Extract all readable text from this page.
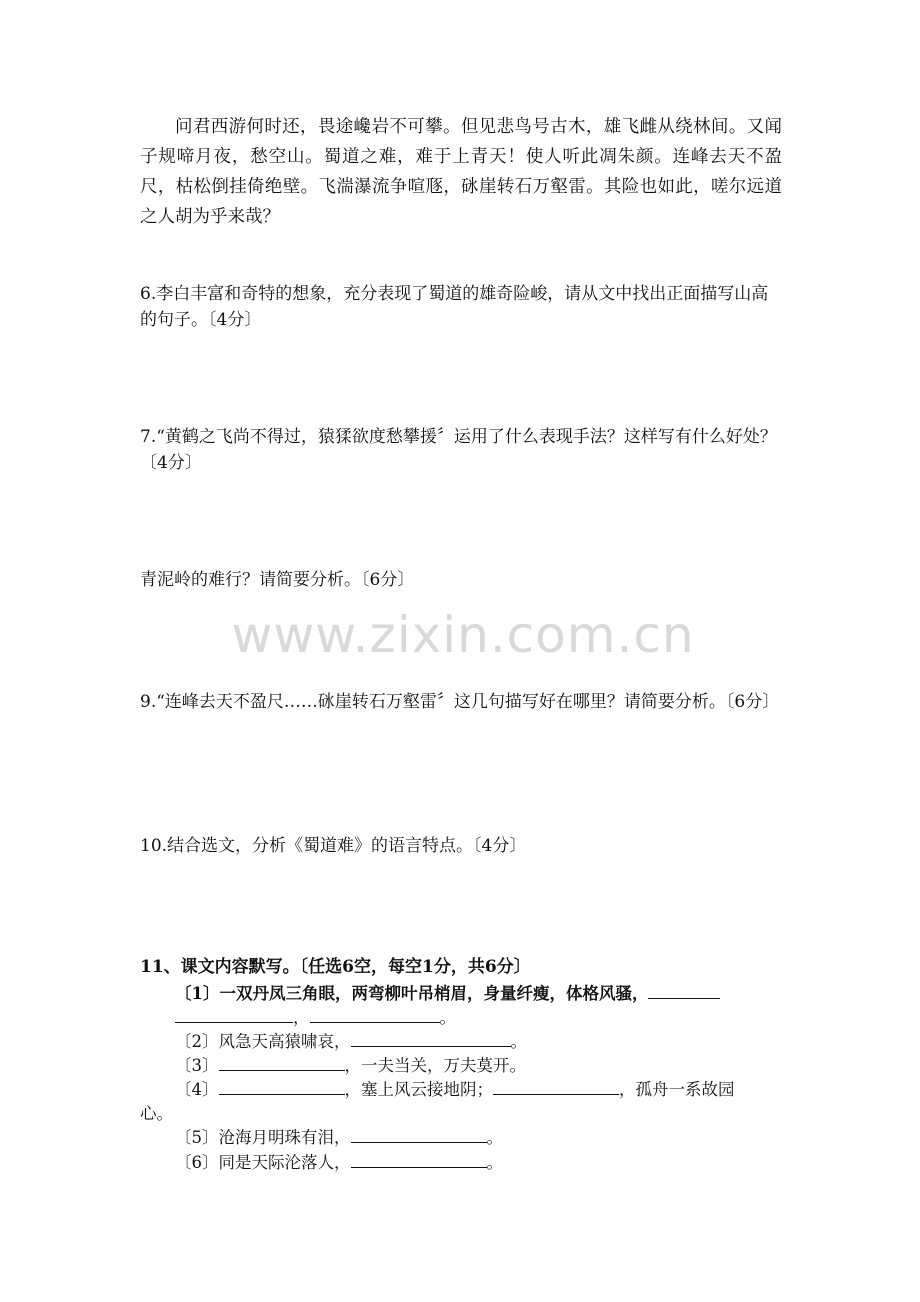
问君西游何时还，畏途巉岩不可攀。但见悲鸟号古木，雄飞雌从绕林间。又闻子规啼月夜，愁空山。蜀道之难，难于上青天！使人听此凋朱颜。连峰去天不盈尺，枯松倒挂倚绝壁。飞湍瀑流争喧豗，砯崖转石万壑雷。其险也如此，嗟尔远道之人胡为乎来哉？

6.李白丰富和奇特的想象，充分表现了蜀道的雄奇险峻，请从文中找出正面描写山高的句子。〔4分〕

7.“黄鹤之飞尚不得过，猿猱欲度愁攀援〞运用了什么表现手法？这样写有什么好处？〔4分〕

青泥岭的难行？请简要分析。〔6分〕

www.zixin.com.cn

9.“连峰去天不盈尺……砯崖转石万壑雷〞这几句描写好在哪里？请简要分析。〔6分〕

10.结合选文，分析《蜀道难》的语言特点。〔4分〕

11、课文内容默写。〔任选6空，每空1分，共6分〕

〔1〕一双丹凤三角眼，两弯柳叶吊梢眉，身量纤瘦，体格风骚，

，	。

〔2〕风急天高猿啸哀，	。

〔3〕	，一夫当关，万夫莫开。

〔4〕	，塞上风云接地阴；	，孤舟一系故园

心。

〔5〕沧海月明珠有泪，	。

〔6〕同是天际沦落人，	。
